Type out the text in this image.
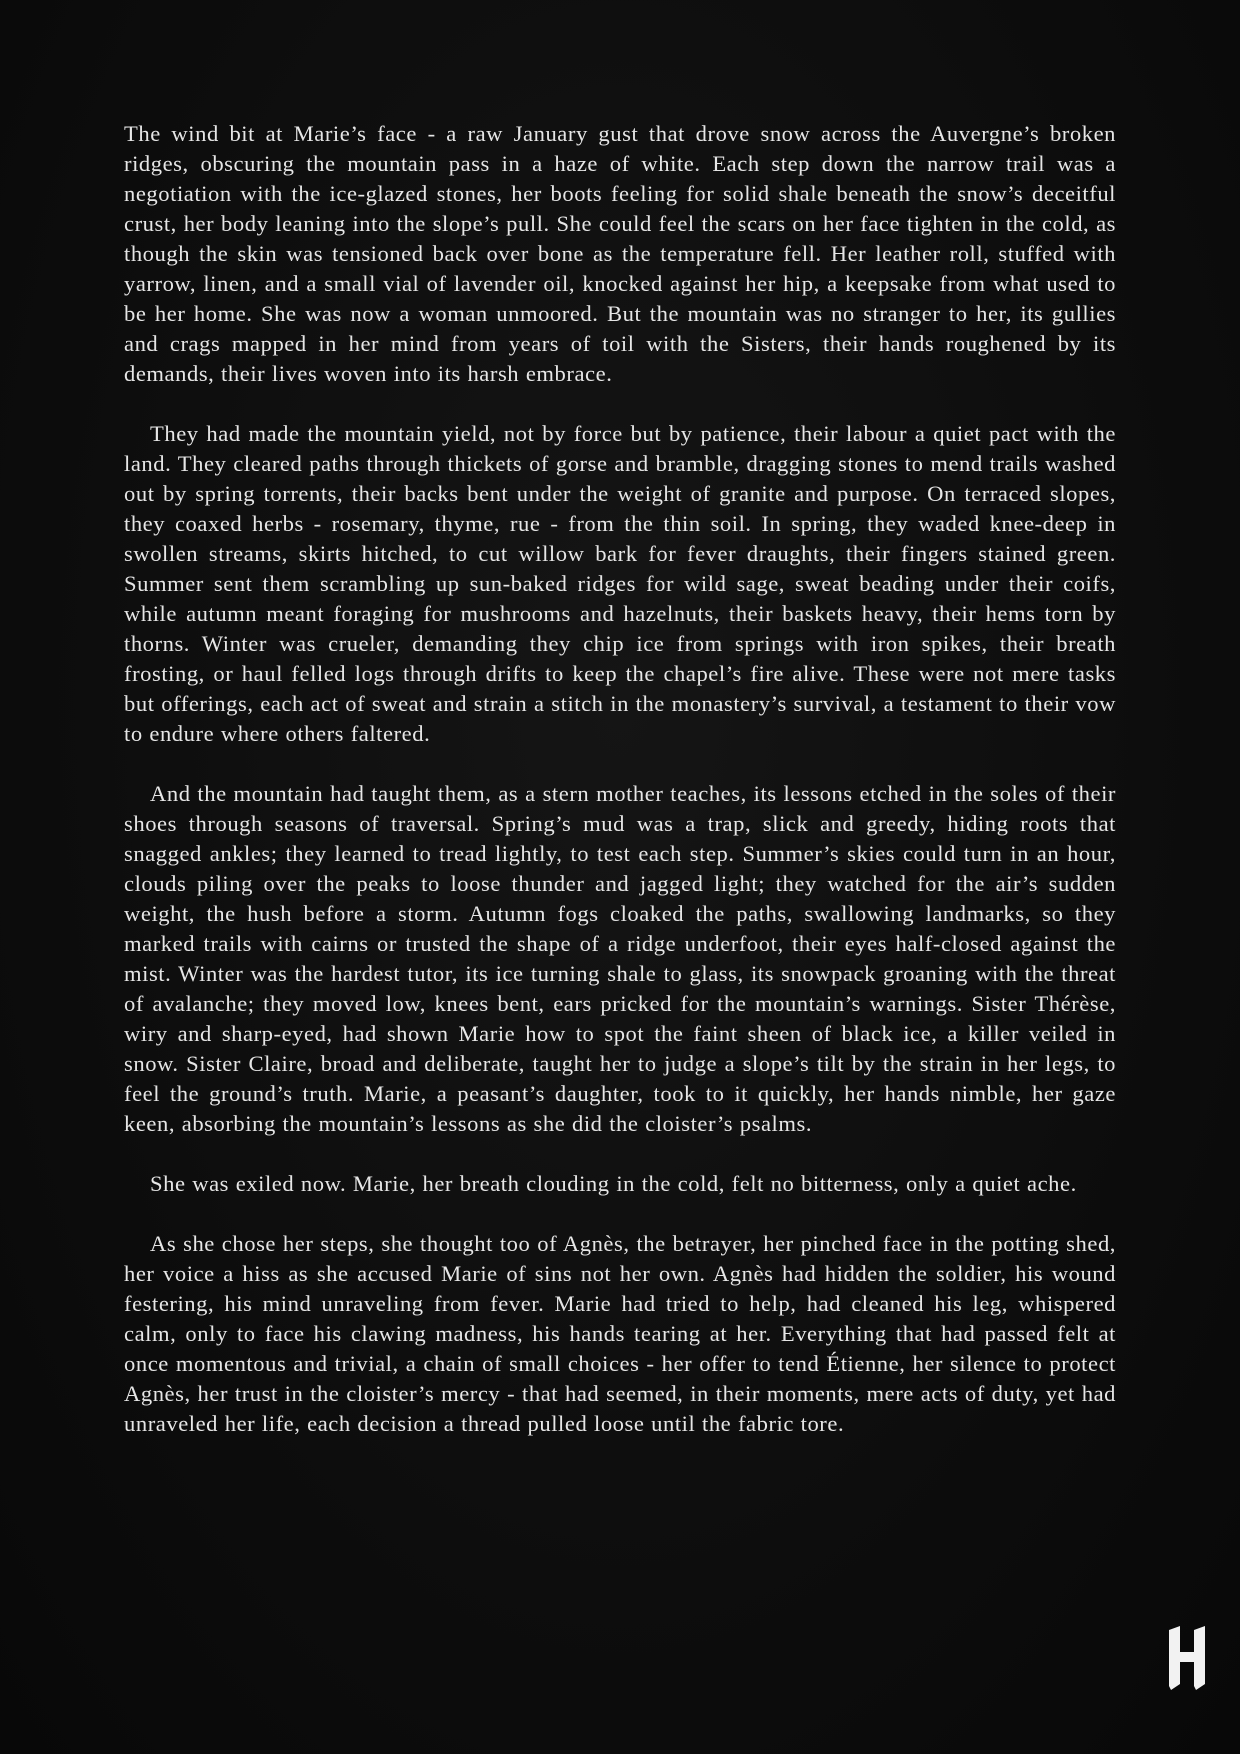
The wind bit at Marie’s face - a raw January gust that drove snow across the Auvergne’s broken ridges, obscuring the mountain pass in a haze of white. Each step down the narrow trail was a negotiation with the ice-glazed stones, her boots feeling for solid shale beneath the snow’s deceitful crust, her body leaning into the slope’s pull. She could feel the scars on her face tighten in the cold, as though the skin was tensioned back over bone as the temperature fell. Her leather roll, stuffed with yarrow, linen, and a small vial of lavender oil, knocked against her hip, a keepsake from what used to be her home. She was now a woman unmoored. But the mountain was no stranger to her, its gullies and crags mapped in her mind from years of toil with the Sisters, their hands roughened by its demands, their lives woven into its harsh embrace.

They had made the mountain yield, not by force but by patience, their labour a quiet pact with the land. They cleared paths through thickets of gorse and bramble, dragging stones to mend trails washed out by spring torrents, their backs bent under the weight of granite and purpose. On terraced slopes, they coaxed herbs - rosemary, thyme, rue - from the thin soil. In spring, they waded knee-deep in swollen streams, skirts hitched, to cut willow bark for fever draughts, their fingers stained green. Summer sent them scrambling up sun-baked ridges for wild sage, sweat beading under their coifs, while autumn meant foraging for mushrooms and hazelnuts, their baskets heavy, their hems torn by thorns. Winter was crueler, demanding they chip ice from springs with iron spikes, their breath frosting, or haul felled logs through drifts to keep the chapel’s fire alive. These were not mere tasks but offerings, each act of sweat and strain a stitch in the monastery’s survival, a testament to their vow to endure where others faltered.

And the mountain had taught them, as a stern mother teaches, its lessons etched in the soles of their shoes through seasons of traversal. Spring’s mud was a trap, slick and greedy, hiding roots that snagged ankles; they learned to tread lightly, to test each step. Summer’s skies could turn in an hour, clouds piling over the peaks to loose thunder and jagged light; they watched for the air’s sudden weight, the hush before a storm. Autumn fogs cloaked the paths, swallowing landmarks, so they marked trails with cairns or trusted the shape of a ridge underfoot, their eyes half-closed against the mist. Winter was the hardest tutor, its ice turning shale to glass, its snowpack groaning with the threat of avalanche; they moved low, knees bent, ears pricked for the mountain’s warnings. Sister Thérèse, wiry and sharp-eyed, had shown Marie how to spot the faint sheen of black ice, a killer veiled in snow. Sister Claire, broad and deliberate, taught her to judge a slope’s tilt by the strain in her legs, to feel the ground’s truth. Marie, a peasant’s daughter, took to it quickly, her hands nimble, her gaze keen, absorbing the mountain’s lessons as she did the cloister’s psalms.

She was exiled now. Marie, her breath clouding in the cold, felt no bitterness, only a quiet ache.

As she chose her steps, she thought too of Agnès, the betrayer, her pinched face in the potting shed, her voice a hiss as she accused Marie of sins not her own. Agnès had hidden the soldier, his wound festering, his mind unraveling from fever. Marie had tried to help, had cleaned his leg, whispered calm, only to face his clawing madness, his hands tearing at her. Everything that had passed felt at once momentous and trivial, a chain of small choices - her offer to tend Étienne, her silence to protect Agnès, her trust in the cloister’s mercy - that had seemed, in their moments, mere acts of duty, yet had unraveled her life, each decision a thread pulled loose until the fabric tore.
